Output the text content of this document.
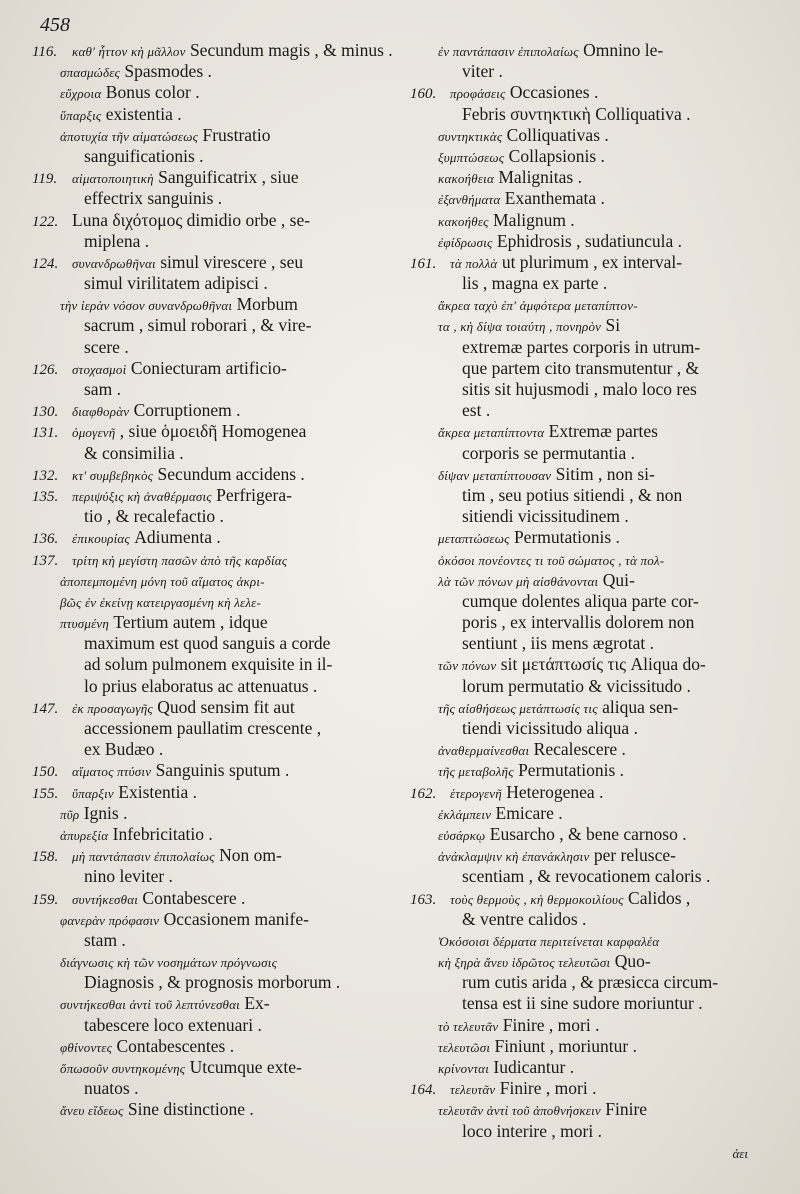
458
116. καθ' ἧττον κὴ μᾶλλον Secundum magis , & minus .
σπασμώδες Spasmodes .
εὔχροια Bonus color .
ὕπαρξις existentia .
ἀποτυχία τῆν αἱματώσεως Frustratio
sanguificationis .
119. αἱματοποιητικὴ Sanguificatrix , siue
effectrix sanguinis .
122. Luna διχότομος dimidio orbe , se-
miplena .
124. συνανδρωθῆναι simul virescere , seu
simul virilitatem adipisci .
τὴν ἱερὰν νόσον συνανδρωθῆναι Morbum
sacrum , simul roborari , & vire-
scere .
126. στοχασμοὶ Coniecturam artificio-
sam .
130. διαφθορὰν Corruptionem .
131. ὁμογενῆ , siue ὁμοειδῆ Homogenea
& consimilia .
132. κτ' συμβεβηκὸς Secundum accidens .
135. περιψύξις κὴ ἀναθέρμασις Perfrigera-
tio , & recalefactio .
136. ἐπικουρίας Adiumenta .
137. τρίτη κὴ μεγίστη πασῶν ἀπὸ τῆς καρδίας
ἀποπεμπομένη μόνη τοῦ αἵματος ἀκρι-
βῶς ἐν ἐκείνῃ κατειργασμένη κὴ λελε-
πτυσμένη Tertium autem , idque
maximum est quod sanguis a corde
ad solum pulmonem exquisite in il-
lo prius elaboratus ac attenuatus .
147. ἐκ προσαγωγῆς Quod sensim fit aut
accessionem paullatim crescente ,
ex Budæo .
150. αἵματος πτύσιν Sanguinis sputum .
155. ὕπαρξιν Existentia .
πῦρ Ignis .
ἀπυρεξία Infebricitatio .
158. μὴ παντάπασιν ἐπιπολαίως Non om-
nino leviter .
159. συντήκεσθαι Contabescere .
φανερὰν πρόφασιν Occasionem manife-
stam .
διάγνωσις κὴ τῶν νοσημάτων πρόγνωσις
Diagnosis , & prognosis morborum .
συντήκεσθαι ἀντὶ τοῦ λεπτύνεσθαι Ex-
tabescere loco extenuari .
φθίνοντες Contabescentes .
ὅπωσοῦν συντηκομένης Utcumque exte-
nuatos .
ἄνευ εἴδεως Sine distinctione .
ἐν παντάπασιν ἐπιπολαίως Omnino le-
viter .
160. προφάσεις Occasiones .
Febris συντηκτικὴ Colliquativa .
συντηκτικὰς Colliquativas .
ξυμπτώσεως Collapsionis .
κακοήθεια Malignitas .
ἐξανθήματα Exanthemata .
κακοήθες Malignum .
ἐφίδρωσις Ephidrosis , sudatiuncula .
161. τὰ πολλὰ ut plurimum , ex interval-
lis , magna ex parte .
ἄκρεα ταχὺ ἐπ' ἀμφότερα μεταπίπτον-
τα , κὴ δίψα τοιαύτη , πονηρὸν Si
extremæ partes corporis in utrum-
que partem cito transmutentur , &
sitis sit hujusmodi , malo loco res
est .
ἄκρεα μεταπίπτοντα Extremæ partes
corporis se permutantia .
δίψαν μεταπίπτουσαν Sitim , non si-
tim , seu potius sitiendi , & non
sitiendi vicissitudinem .
μεταπτώσεως Permutationis .
ὁκόσοι πονέοντες τι τοῦ σώματος , τὰ πολ-
λὰ τῶν πόνων μὴ αἰσθάνονται Qui-
cumque dolentes aliqua parte cor-
poris , ex intervallis dolorem non
sentiunt , iis mens ægrotat .
τῶν πόνων sit μετάπτωσίς τις Aliqua do-
lorum permutatio & vicissitudo .
τῆς αἰσθήσεως μετάπτωσίς τις aliqua sen-
tiendi vicissitudo aliqua .
ἀναθερμαίνεσθαι Recalescere .
τῆς μεταβολῆς Permutationis .
162. ἑτερογενῆ Heterogenea .
ἐκλάμπειν Emicare .
εὐσάρκῳ Eusarcho , & bene carnoso .
ἀνάκλαμψιν κὴ ἐπανάκλησιν per relusce-
scentiam , & revocationem caloris .
163. τοὺς θερμοὺς , κὴ θερμοκοιλίους Calidos ,
& ventre calidos .
Ὀκόσοισι δέρματα περιτείνεται καρφαλέα
κὴ ξηρὰ ἄνευ ἱδρῶτος τελευτῶσι Quo-
rum cutis arida , & præsicca circum-
tensa est ii sine sudore moriuntur .
τὸ τελευτᾶν Finire , mori .
τελευτῶσι Finiunt , moriuntur .
κρίνονται Iudicantur .
164. τελευτᾶν Finire , mori .
τελευτᾶν ἀντὶ τοῦ ἀποθνήσκειν Finire
loco interire , mori .
ἀει
